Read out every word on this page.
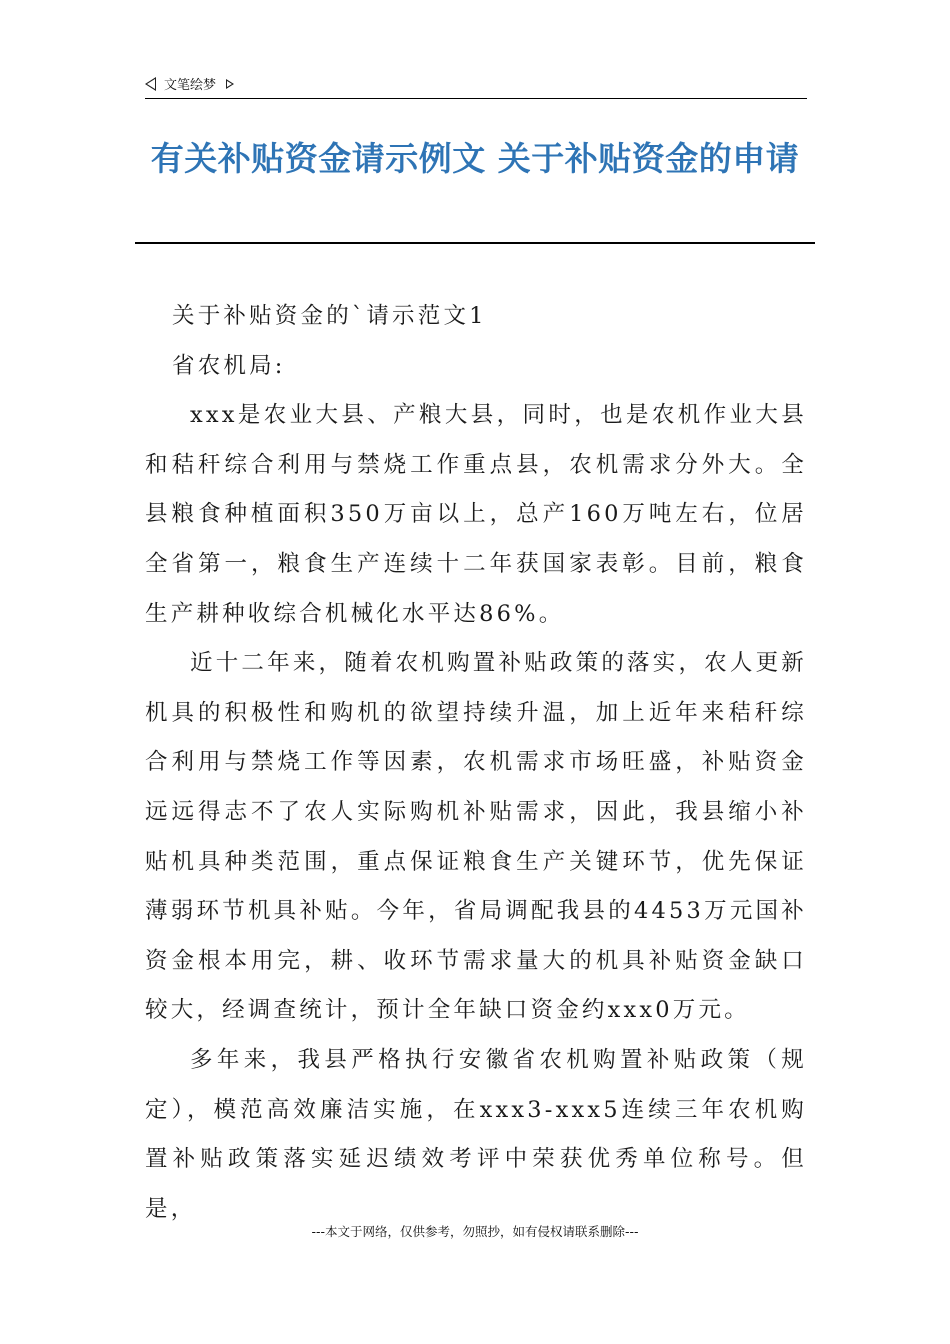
文笔绘梦
有关补贴资金请示例文 关于补贴资金的申请

关于补贴资金的`请示范文1

省农机局:

xxx是农业大县、产粮大县，同时，也是农机作业大县和秸秆综合利用与禁烧工作重点县，农机需求分外大。全县粮食种植面积350万亩以上，总产160万吨左右，位居全省第一，粮食生产连续十二年获国家表彰。目前，粮食生产耕种收综合机械化水平达86%。

近十二年来，随着农机购置补贴政策的落实，农人更新机具的积极性和购机的欲望持续升温，加上近年来秸秆综合利用与禁烧工作等因素，农机需求市场旺盛，补贴资金远远得志不了农人实际购机补贴需求，因此，我县缩小补贴机具种类范围，重点保证粮食生产关键环节，优先保证薄弱环节机具补贴。今年，省局调配我县的4453万元国补资金根本用完，耕、收环节需求量大的机具补贴资金缺口较大，经调查统计，预计全年缺口资金约xxx0万元。

多年来，我县严格执行安徽省农机购置补贴政策（规定），模范高效廉洁实施，在xxx3-xxx5连续三年农机购置补贴政策落实延迟绩效考评中荣获优秀单位称号。但是，

---本文于网络，仅供参考，勿照抄，如有侵权请联系删除---
